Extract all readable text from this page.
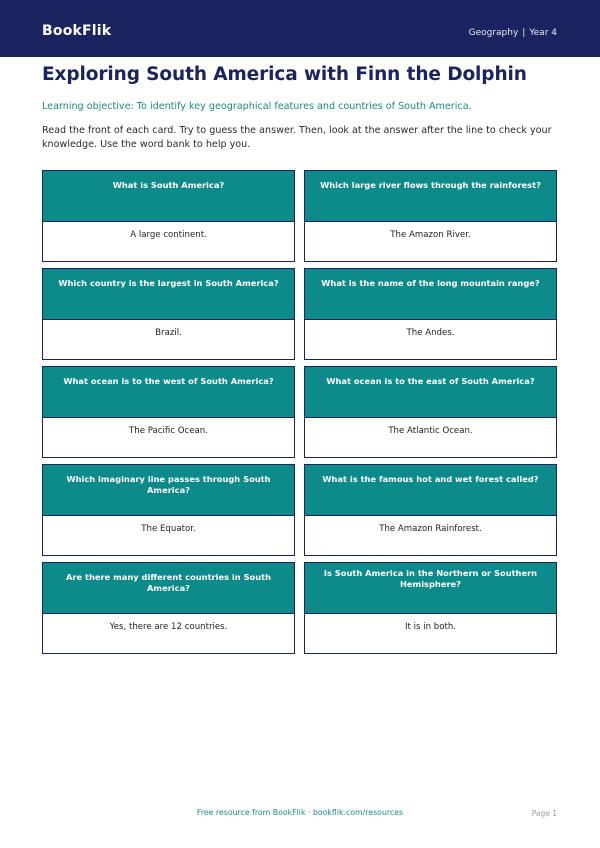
BookFlik	Geography | Year 4
Exploring South America with Finn the Dolphin
Learning objective: To identify key geographical features and countries of South America.
Read the front of each card. Try to guess the answer. Then, look at the answer after the line to check your knowledge. Use the word bank to help you.
What is South America?
A large continent.
Which large river flows through the rainforest?
The Amazon River.
Which country is the largest in South America?
Brazil.
What is the name of the long mountain range?
The Andes.
What ocean is to the west of South America?
The Pacific Ocean.
What ocean is to the east of South America?
The Atlantic Ocean.
Which imaginary line passes through South America?
The Equator.
What is the famous hot and wet forest called?
The Amazon Rainforest.
Are there many different countries in South America?
Yes, there are 12 countries.
Is South America in the Northern or Southern Hemisphere?
It is in both.
Free resource from BookFlik · bookflik.com/resources	Page 1
